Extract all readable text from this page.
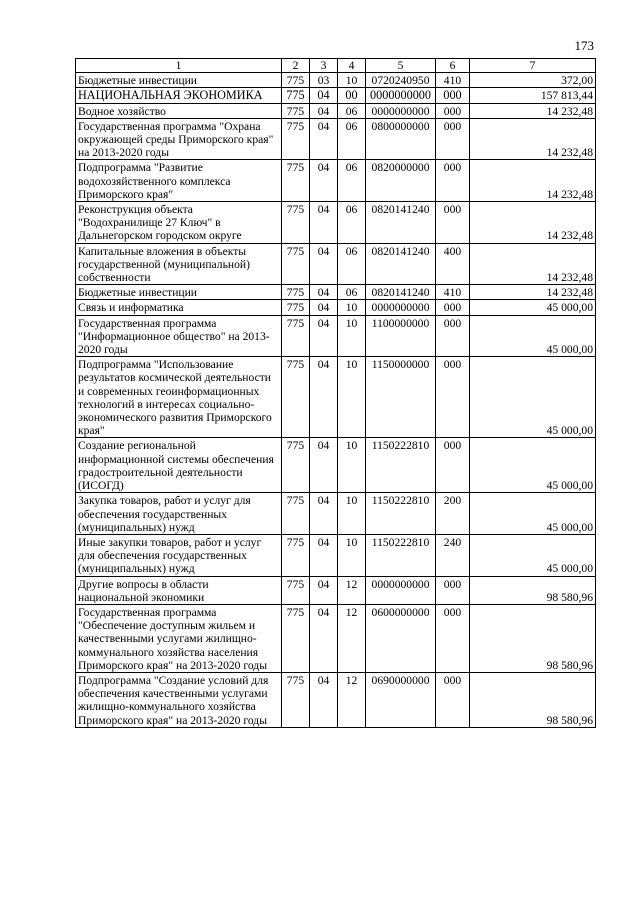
173
1	2	3	4	5	6	7
Бюджетные инвестиции	775	03	10	0720240950	410	372,00
НАЦИОНАЛЬНАЯ ЭКОНОМИКА	775	04	00	0000000000	000	157 813,44
Водное хозяйство	775	04	06	0000000000	000	14 232,48
Государственная программа "Охрана окружающей среды Приморского края" на 2013-2020 годы	775	04	06	0800000000	000	14 232,48
Подпрограмма "Развитие водохозяйственного комплекса Приморского края"	775	04	06	0820000000	000	14 232,48
Реконструкция объекта "Водохранилище 27 Ключ" в Дальнегорском городском округе	775	04	06	0820141240	000	14 232,48
Капитальные вложения в объекты государственной (муниципальной) собственности	775	04	06	0820141240	400	14 232,48
Бюджетные инвестиции	775	04	06	0820141240	410	14 232,48
Связь и информатика	775	04	10	0000000000	000	45 000,00
Государственная программа "Информационное общество" на 2013-2020 годы	775	04	10	1100000000	000	45 000,00
Подпрограмма "Использование результатов космической деятельности и современных геоинформационных технологий в интересах социально-экономического развития Приморского края"	775	04	10	1150000000	000	45 000,00
Создание региональной информационной системы обеспечения градостроительной деятельности (ИСОГД)	775	04	10	1150222810	000	45 000,00
Закупка товаров, работ и услуг для обеспечения государственных (муниципальных) нужд	775	04	10	1150222810	200	45 000,00
Иные закупки товаров, работ и услуг для обеспечения государственных (муниципальных) нужд	775	04	10	1150222810	240	45 000,00
Другие вопросы в области национальной экономики	775	04	12	0000000000	000	98 580,96
Государственная программа "Обеспечение доступным жильем и качественными услугами жилищно-коммунального хозяйства населения Приморского края" на 2013-2020 годы	775	04	12	0600000000	000	98 580,96
Подпрограмма "Создание условий для обеспечения качественными услугами жилищно-коммунального хозяйства Приморского края" на 2013-2020 годы	775	04	12	0690000000	000	98 580,96
